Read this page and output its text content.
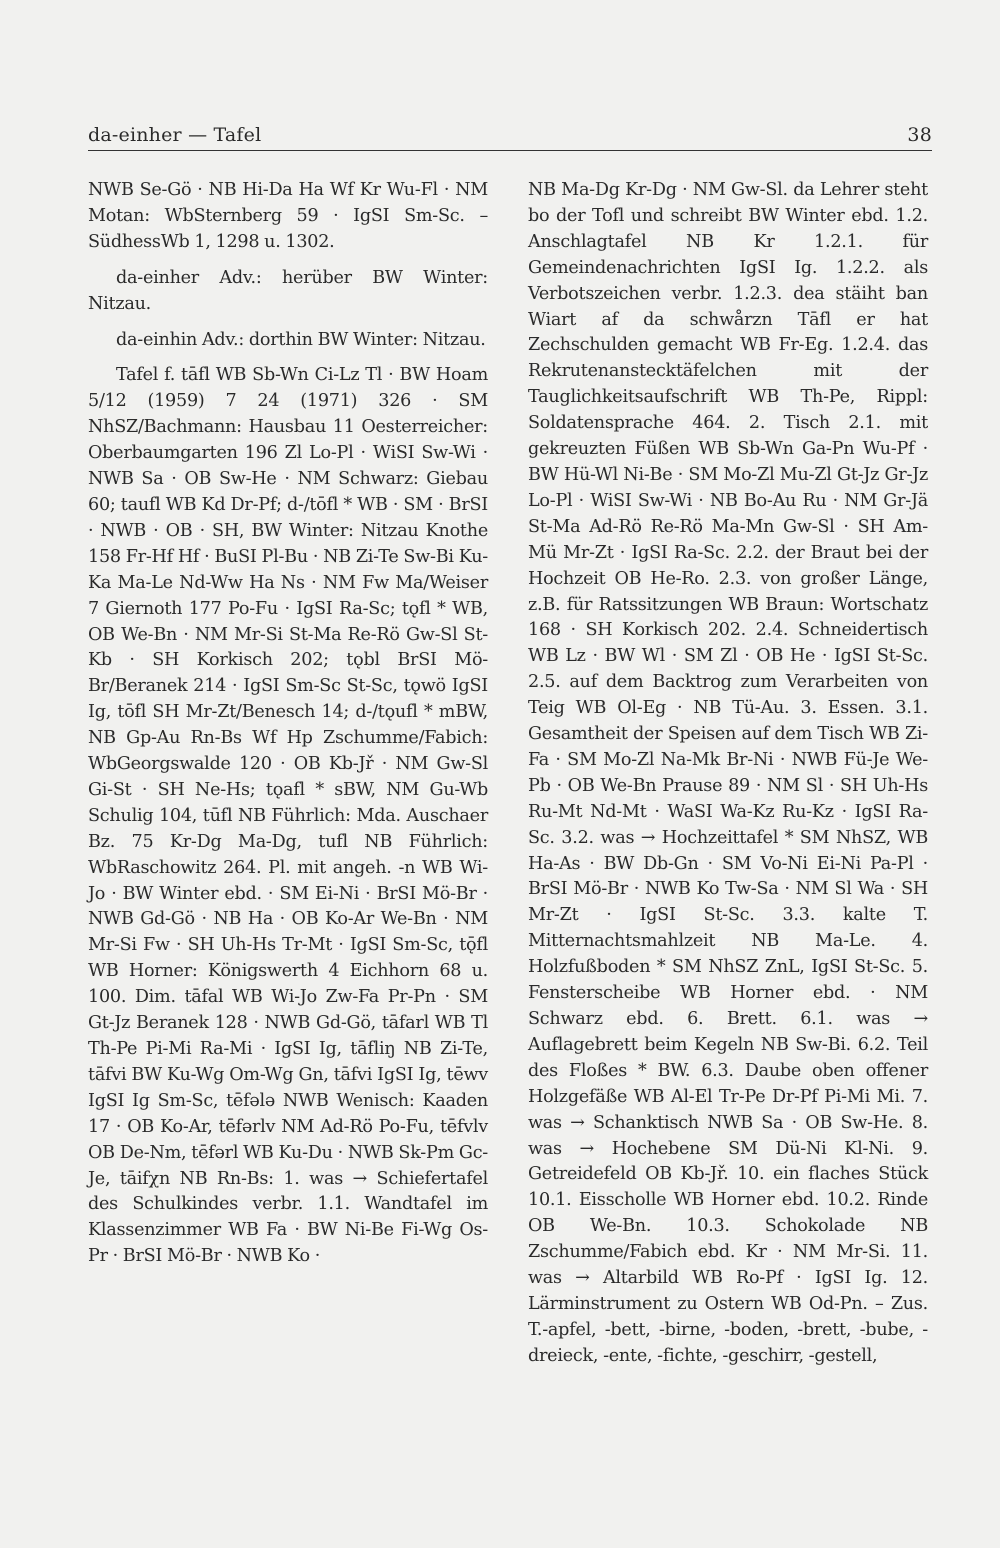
da-einher — Tafel	38

NWB Se-Gö · NB Hi-Da Ha Wf Kr Wu-Fl · NM Motan: WbSternberg 59 · IgSI Sm-Sc. – SüdhessWb 1, 1298 u. 1302.

da-einher Adv.: herüber BW Winter: Nitzau.

da-einhin Adv.: dorthin BW Winter: Nitzau.

Tafel f. tāfl WB Sb-Wn Ci-Lz Tl · BW Hoam 5/12 (1959) 7 24 (1971) 326 · SM NhSZ/Bachmann: Hausbau 11 Oesterreicher: Oberbaumgarten 196 Zl Lo-Pl · WiSI Sw-Wi · NWB Sa · OB Sw-He · NM Schwarz: Giebau 60; taufl WB Kd Dr-Pf; d-/tōfl * WB · SM · BrSI · NWB · OB · SH, BW Winter: Nitzau Knothe 158 Fr-Hf Hf · BuSI Pl-Bu · NB Zi-Te Sw-Bi Ku-Ka Ma-Le Nd-Ww Ha Ns · NM Fw Ma/Weiser 7 Giernoth 177 Po-Fu · IgSI Ra-Sc; tǫfl * WB, OB We-Bn · NM Mr-Si St-Ma Re-Rö Gw-Sl St-Kb · SH Korkisch 202; tǫbl BrSI Mö-Br/Beranek 214 · IgSI Sm-Sc St-Sc, tǫwö IgSI Ig, tōfl SH Mr-Zt/Benesch 14; d-/tǫufl * mBW, NB Gp-Au Rn-Bs Wf Hp Zschumme/Fabich: WbGeorgswalde 120 · OB Kb-Jř · NM Gw-Sl Gi-St · SH Ne-Hs; tǫafl * sBW, NM Gu-Wb Schulig 104, tūfl NB Führlich: Mda. Auschaer Bz. 75 Kr-Dg Ma-Dg, tufl NB Führlich: WbRaschowitz 264. Pl. mit angeh. -n WB Wi-Jo · BW Winter ebd. · SM Ei-Ni · BrSI Mö-Br · NWB Gd-Gö · NB Ha · OB Ko-Ar We-Bn · NM Mr-Si Fw · SH Uh-Hs Tr-Mt · IgSI Sm-Sc, tǭfl WB Horner: Königswerth 4 Eichhorn 68 u. 100. Dim. tāfal WB Wi-Jo Zw-Fa Pr-Pn · SM Gt-Jz Beranek 128 · NWB Gd-Gö, tāfarl WB Tl Th-Pe Pi-Mi Ra-Mi · IgSI Ig, tāfliŋ NB Zi-Te, tāfvi BW Ku-Wg Om-Wg Gn, tāfvi IgSI Ig, tēwv IgSI Ig Sm-Sc, tēfələ NWB Wenisch: Kaaden 17 · OB Ko-Ar, tēfərlv NM Ad-Rö Po-Fu, tēfvlv OB De-Nm, tēfərl WB Ku-Du · NWB Sk-Pm Gc-Je, tāifχn NB Rn-Bs: 1. was → Schiefertafel des Schulkindes verbr. 1.1. Wandtafel im Klassenzimmer WB Fa · BW Ni-Be Fi-Wg Os-Pr · BrSI Mö-Br · NWB Ko ·

NB Ma-Dg Kr-Dg · NM Gw-Sl. da Lehrer steht bo der Tofl und schreibt BW Winter ebd. 1.2. Anschlagtafel NB Kr 1.2.1. für Gemeindenachrichten IgSI Ig. 1.2.2. als Verbotszeichen verbr. 1.2.3. dea stäiht ban Wiart af da schwårzn Tāfl er hat Zechschulden gemacht WB Fr-Eg. 1.2.4. das Rekrutenanstecktäfelchen mit der Tauglichkeitsaufschrift WB Th-Pe, Rippl: Soldatensprache 464. 2. Tisch 2.1. mit gekreuzten Füßen WB Sb-Wn Ga-Pn Wu-Pf · BW Hü-Wl Ni-Be · SM Mo-Zl Mu-Zl Gt-Jz Gr-Jz Lo-Pl · WiSI Sw-Wi · NB Bo-Au Ru · NM Gr-Jä St-Ma Ad-Rö Re-Rö Ma-Mn Gw-Sl · SH Am-Mü Mr-Zt · IgSI Ra-Sc. 2.2. der Braut bei der Hochzeit OB He-Ro. 2.3. von großer Länge, z.B. für Ratssitzungen WB Braun: Wortschatz 168 · SH Korkisch 202. 2.4. Schneidertisch WB Lz · BW Wl · SM Zl · OB He · IgSI St-Sc. 2.5. auf dem Backtrog zum Verarbeiten von Teig WB Ol-Eg · NB Tü-Au. 3. Essen. 3.1. Gesamtheit der Speisen auf dem Tisch WB Zi-Fa · SM Mo-Zl Na-Mk Br-Ni · NWB Fü-Je We-Pb · OB We-Bn Prause 89 · NM Sl · SH Uh-Hs Ru-Mt Nd-Mt · WaSI Wa-Kz Ru-Kz · IgSI Ra-Sc. 3.2. was → Hochzeittafel * SM NhSZ, WB Ha-As · BW Db-Gn · SM Vo-Ni Ei-Ni Pa-Pl · BrSI Mö-Br · NWB Ko Tw-Sa · NM Sl Wa · SH Mr-Zt · IgSI St-Sc. 3.3. kalte T. Mitternachtsmahlzeit NB Ma-Le. 4. Holzfußboden * SM NhSZ ZnL, IgSI St-Sc. 5. Fensterscheibe WB Horner ebd. · NM Schwarz ebd. 6. Brett. 6.1. was → Auflagebrett beim Kegeln NB Sw-Bi. 6.2. Teil des Floßes * BW. 6.3. Daube oben offener Holzgefäße WB Al-El Tr-Pe Dr-Pf Pi-Mi Mi. 7. was → Schanktisch NWB Sa · OB Sw-He. 8. was → Hochebene SM Dü-Ni Kl-Ni. 9. Getreidefeld OB Kb-Jř. 10. ein flaches Stück 10.1. Eisscholle WB Horner ebd. 10.2. Rinde OB We-Bn. 10.3. Schokolade NB Zschumme/Fabich ebd. Kr · NM Mr-Si. 11. was → Altarbild WB Ro-Pf · IgSI Ig. 12. Lärminstrument zu Ostern WB Od-Pn. – Zus. T.-apfel, -bett, -birne, -boden, -brett, -bube, -dreieck, -ente, -fichte, -geschirr, -gestell,
